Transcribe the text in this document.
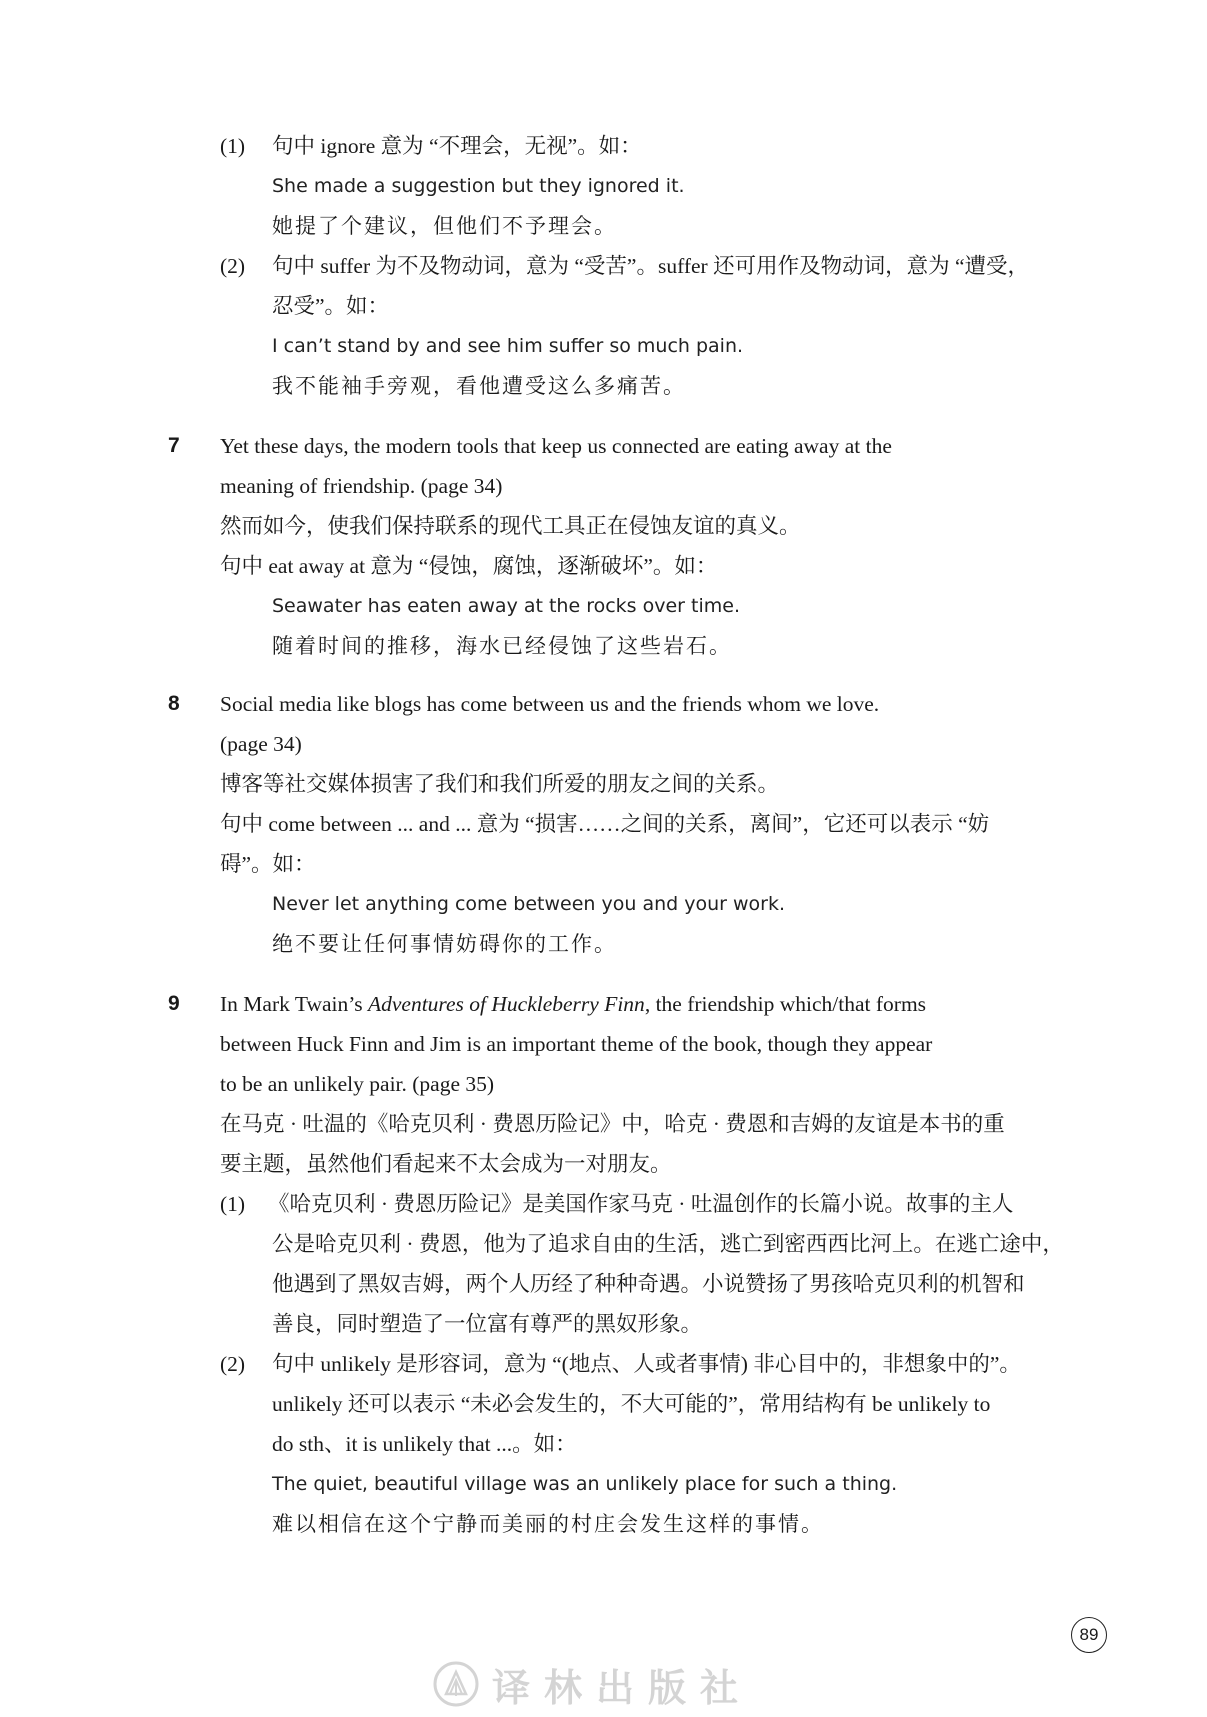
(1) 句中 ignore 意为 “不理会，无视”。如：
She made a suggestion but they ignored it.
她提了个建议，但他们不予理会。
(2) 句中 suffer 为不及物动词，意为 “受苦”。suffer 还可用作及物动词，意为 “遭受，
忍受”。如：
I can’t stand by and see him suffer so much pain.
我不能袖手旁观，看他遭受这么多痛苦。
7 Yet these days, the modern tools that keep us connected are eating away at the
meaning of friendship. (page 34)
然而如今，使我们保持联系的现代工具正在侵蚀友谊的真义。
句中 eat away at 意为 “侵蚀，腐蚀，逐渐破坏”。如：
Seawater has eaten away at the rocks over time.
随着时间的推移，海水已经侵蚀了这些岩石。
8 Social media like blogs has come between us and the friends whom we love.
(page 34)
博客等社交媒体损害了我们和我们所爱的朋友之间的关系。
句中 come between ... and ... 意为 “损害……之间的关系，离间”，它还可以表示 “妨
碍”。如：
Never let anything come between you and your work.
绝不要让任何事情妨碍你的工作。
9 In Mark Twain’s Adventures of Huckleberry Finn, the friendship which/that forms
between Huck Finn and Jim is an important theme of the book, though they appear
to be an unlikely pair. (page 35)
在马克 · 吐温的《哈克贝利 · 费恩历险记》中，哈克 · 费恩和吉姆的友谊是本书的重
要主题，虽然他们看起来不太会成为一对朋友。
(1) 《哈克贝利 · 费恩历险记》是美国作家马克 · 吐温创作的长篇小说。故事的主人
公是哈克贝利 · 费恩，他为了追求自由的生活，逃亡到密西西比河上。在逃亡途中，
他遇到了黑奴吉姆，两个人历经了种种奇遇。小说赞扬了男孩哈克贝利的机智和
善良，同时塑造了一位富有尊严的黑奴形象。
(2) 句中 unlikely 是形容词，意为 “(地点、人或者事情) 非心目中的，非想象中的”。
unlikely 还可以表示 “未必会发生的，不大可能的”，常用结构有 be unlikely to
do sth、it is unlikely that ...。如：
The quiet, beautiful village was an unlikely place for such a thing.
难以相信在这个宁静而美丽的村庄会发生这样的事情。
89
译林出版社
